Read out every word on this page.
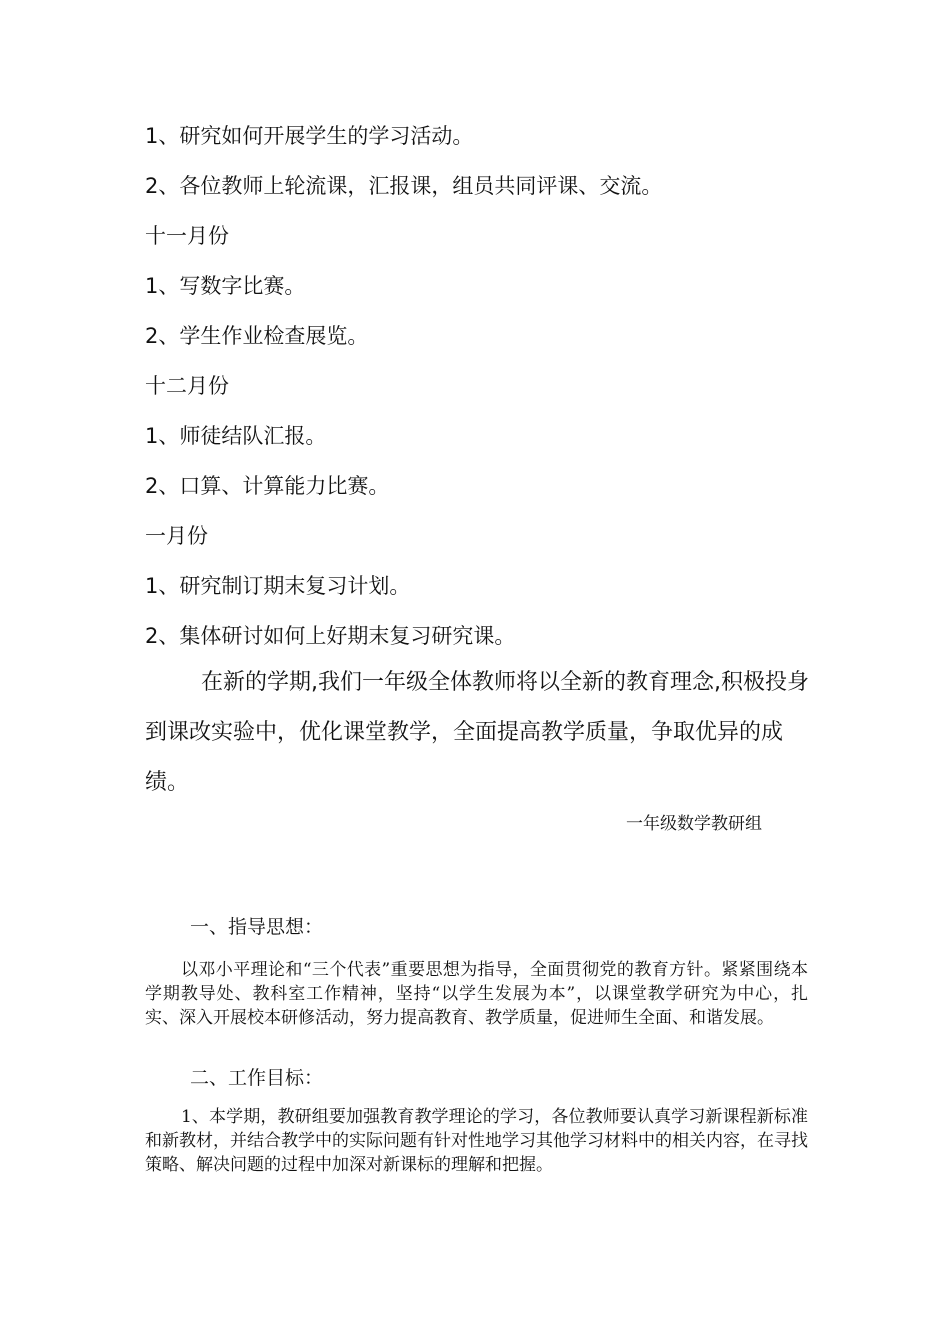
1、研究如何开展学生的学习活动。
2、各位教师上轮流课，汇报课，组员共同评课、交流。
十一月份
1、写数字比赛。
2、学生作业检查展览。
十二月份
1、师徒结队汇报。
2、口算、计算能力比赛。
一月份
1、研究制订期末复习计划。
2、集体研讨如何上好期末复习研究课。
在新的学期,我们一年级全体教师将以全新的教育理念,积极投身到课改实验中，优化课堂教学，全面提高教学质量，争取优异的成绩。
一年级数学教研组
一、指导思想：
以邓小平理论和“三个代表”重要思想为指导，全面贯彻党的教育方针。紧紧围绕本学期教导处、教科室工作精神，坚持“以学生发展为本”，以课堂教学研究为中心，扎实、深入开展校本研修活动，努力提高教育、教学质量，促进师生全面、和谐发展。
二、工作目标：
1、本学期，教研组要加强教育教学理论的学习，各位教师要认真学习新课程新标准和新教材，并结合教学中的实际问题有针对性地学习其他学习材料中的相关内容，在寻找策略、解决问题的过程中加深对新课标的理解和把握。
